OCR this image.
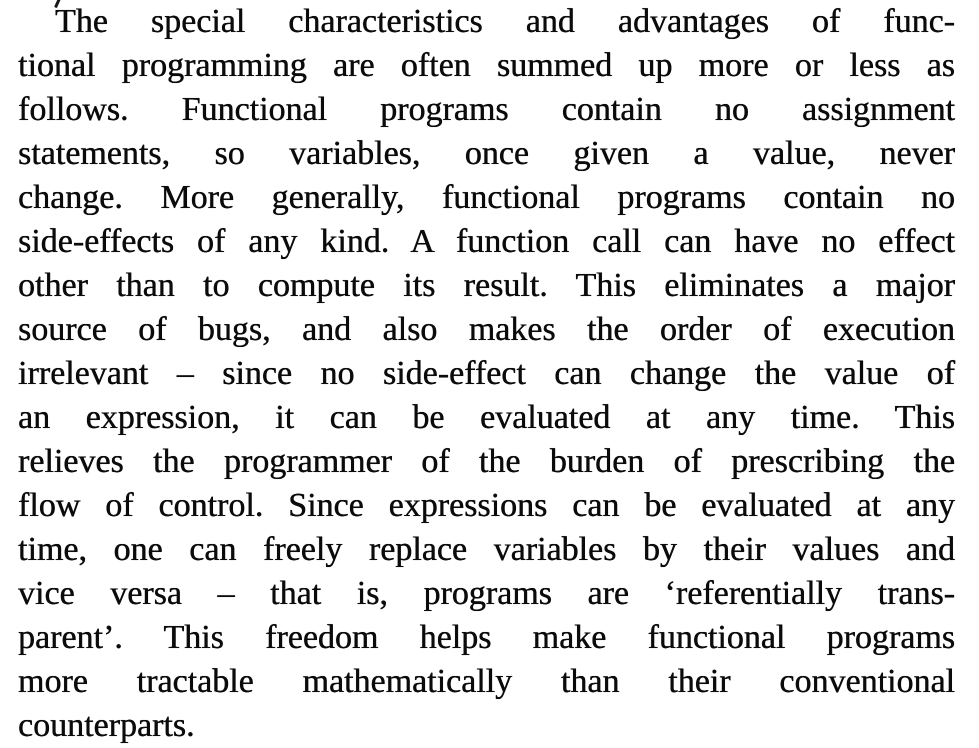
The special characteristics and advantages of func-
tional programming are often summed up more or less as
follows. Functional programs contain no assignment
statements, so variables, once given a value, never
change. More generally, functional programs contain no
side-effects of any kind. A function call can have no effect
other than to compute its result. This eliminates a major
source of bugs, and also makes the order of execution
irrelevant – since no side-effect can change the value of
an expression, it can be evaluated at any time. This
relieves the programmer of the burden of prescribing the
flow of control. Since expressions can be evaluated at any
time, one can freely replace variables by their values and
vice versa – that is, programs are ‘referentially trans-
parent’. This freedom helps make functional programs
more tractable mathematically than their conventional
counterparts.
